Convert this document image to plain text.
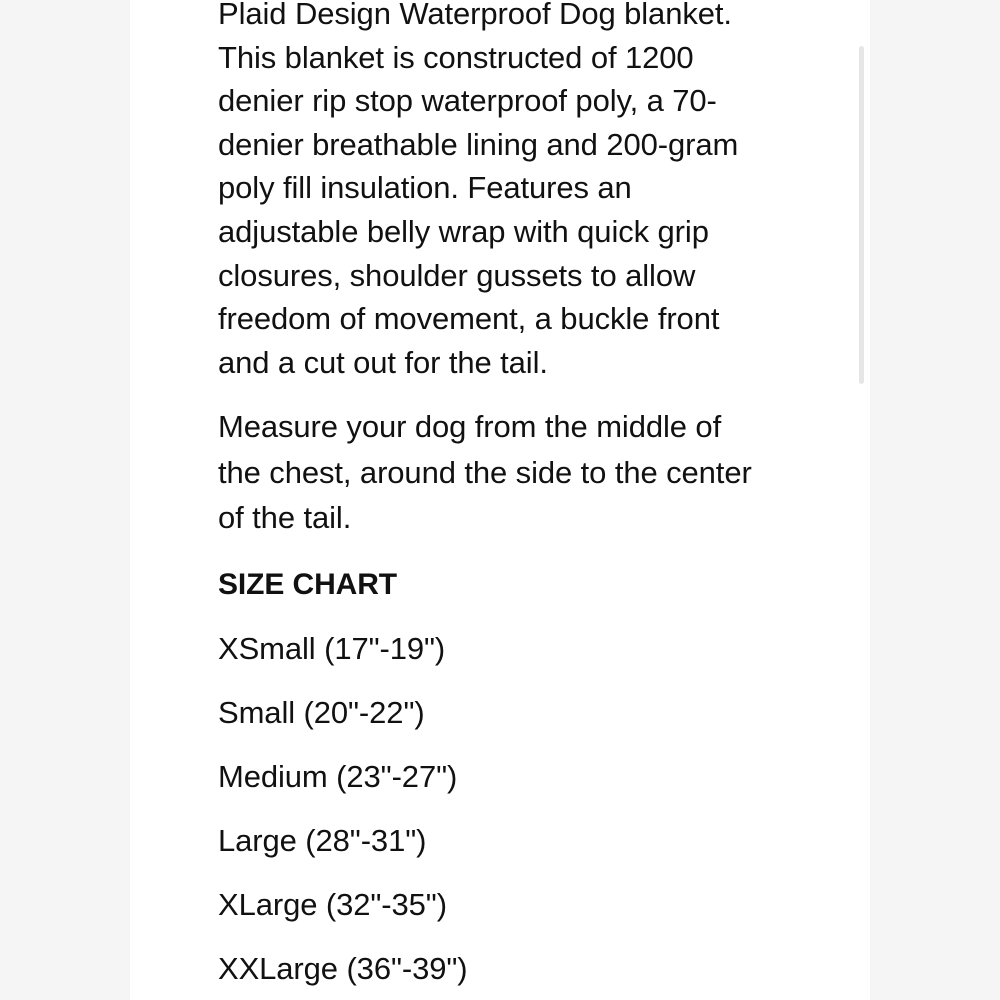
Plaid Design Waterproof Dog blanket.
This blanket is constructed of 1200
denier rip stop waterproof poly, a 70-
denier breathable lining and 200-gram
poly fill insulation. Features an
adjustable belly wrap with quick grip
closures, shoulder gussets to allow
freedom of movement, a buckle front
and a cut out for the tail.

Measure your dog from the middle of
the chest, around the side to the center
of the tail.

SIZE CHART

XSmall (17"-19")
Small (20"-22")
Medium (23"-27")
Large (28"-31")
XLarge (32"-35")
XXLarge (36"-39")
